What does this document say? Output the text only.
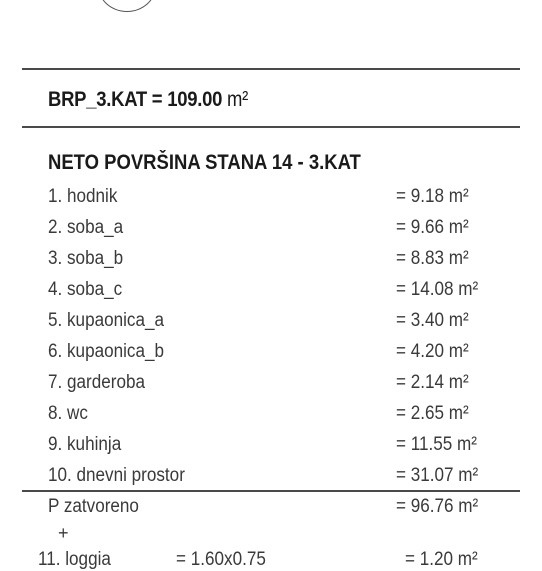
BRP_3.KAT = 109.00 m²
NETO POVRŠINA STANA 14 - 3.KAT
1. hodnik	= 9.18 m²
2. soba_a	= 9.66 m²
3. soba_b	= 8.83 m²
4. soba_c	= 14.08 m²
5. kupaonica_a	= 3.40 m²
6. kupaonica_b	= 4.20 m²
7. garderoba	= 2.14 m²
8. wc	= 2.65 m²
9. kuhinja	= 11.55 m²
10. dnevni prostor	= 31.07 m²
P zatvoreno	= 96.76 m²
+
11. loggia	= 1.60x0.75	= 1.20 m²
